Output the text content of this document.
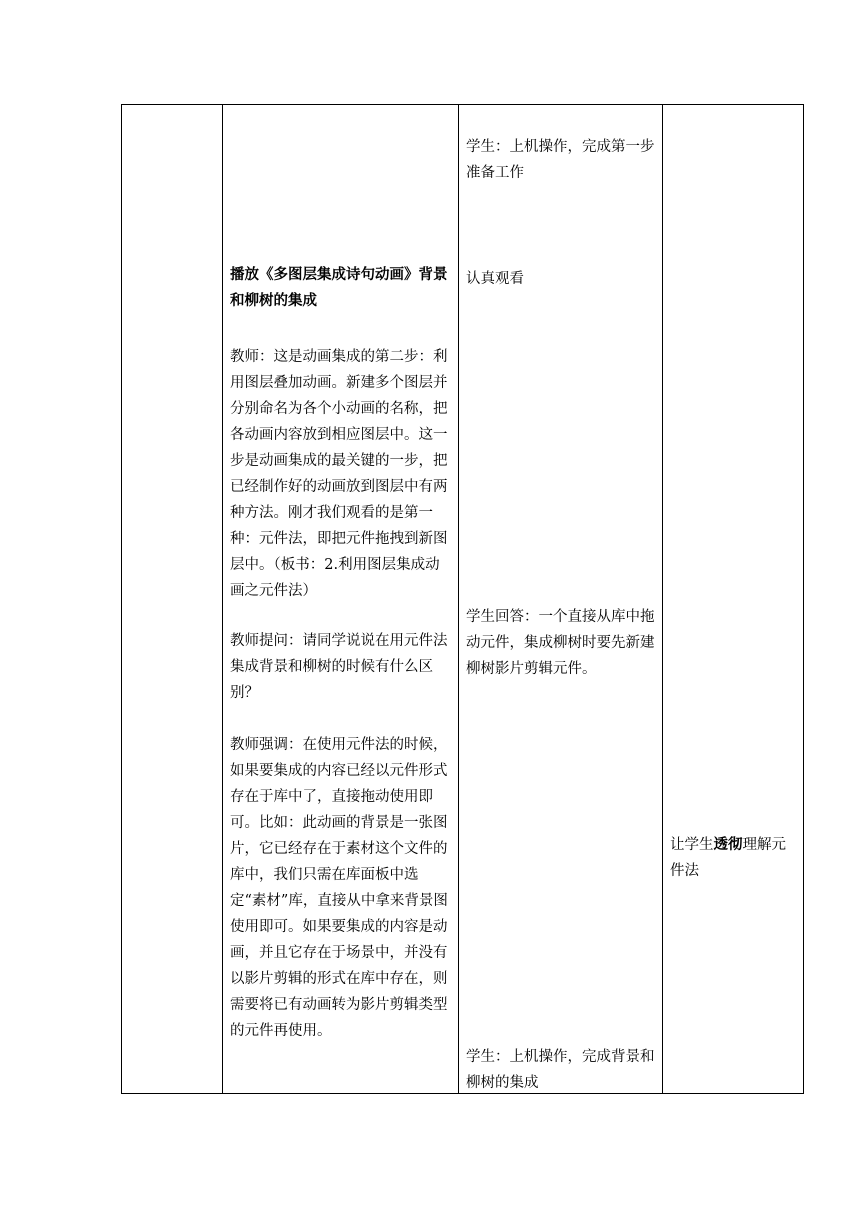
播放《多图层集成诗句动画》背景和柳树的集成
教师：这是动画集成的第二步：利用图层叠加动画。新建多个图层并分别命名为各个小动画的名称，把各动画内容放到相应图层中。这一步是动画集成的最关键的一步，把已经制作好的动画放到图层中有两种方法。刚才我们观看的是第一种：元件法，即把元件拖拽到新图层中。（板书：2.利用图层集成动画之元件法）
教师提问：请同学说说在用元件法集成背景和柳树的时候有什么区别？
教师强调：在使用元件法的时候，如果要集成的内容已经以元件形式存在于库中了，直接拖动使用即可。比如：此动画的背景是一张图片，它已经存在于素材这个文件的库中，我们只需在库面板中选定“素材”库，直接从中拿来背景图使用即可。如果要集成的内容是动画，并且它存在于场景中，并没有以影片剪辑的形式在库中存在，则需要将已有动画转为影片剪辑类型的元件再使用。
学生：上机操作，完成第一步准备工作
认真观看
学生回答：一个直接从库中拖动元件，集成柳树时要先新建柳树影片剪辑元件。
学生：上机操作，完成背景和柳树的集成
让学生透彻理解元件法
